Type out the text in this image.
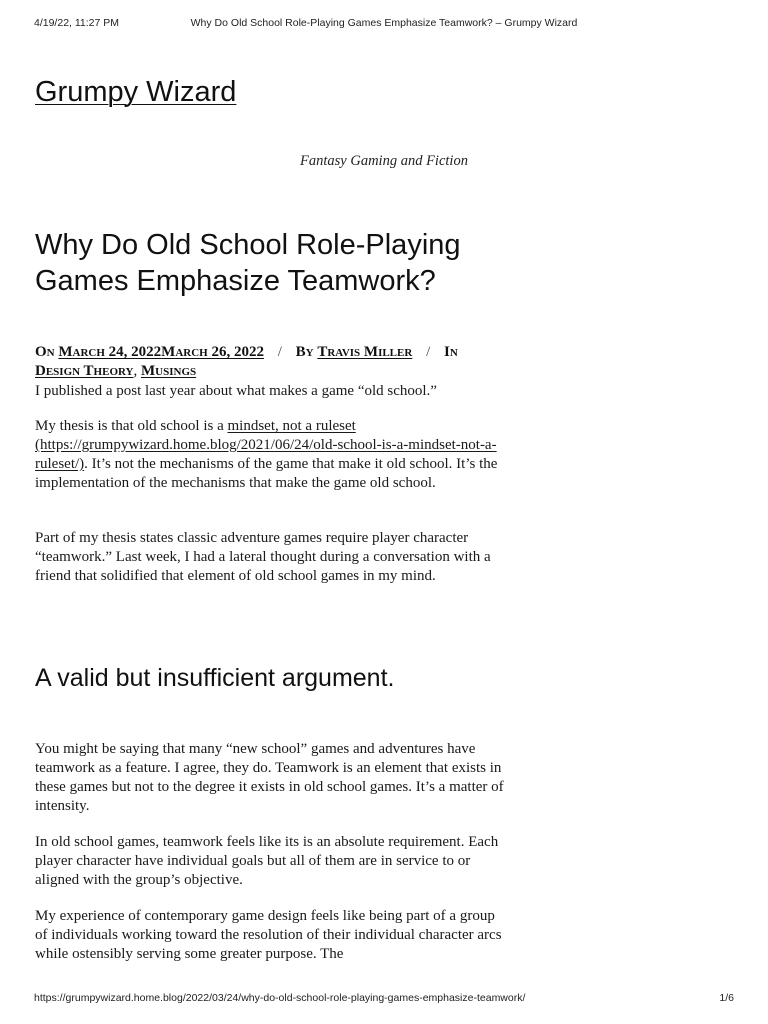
Why Do Old School Role-Playing Games Emphasize Teamwork? – Grumpy Wizard
4/19/22, 11:27 PM
Grumpy Wizard
Fantasy Gaming and Fiction
Why Do Old School Role-Playing Games Emphasize Teamwork?
On March 24, 2022March 26, 2022 / By Travis Miller / In Design Theory, Musings

I published a post last year about what makes a game “old school.”

My thesis is that old school is a mindset, not a ruleset (https://grumpywizard.home.blog/2021/06/24/old-school-is-a-mindset-not-a-ruleset/). It’s not the mechanisms of the game that make it old school. It’s the implementation of the mechanisms that make the game old school.

Part of my thesis states classic adventure games require player character “teamwork.” Last week, I had a lateral thought during a conversation with a friend that solidified that element of old school games in my mind.

A valid but insufficient argument.

You might be saying that many “new school” games and adventures have teamwork as a feature. I agree, they do. Teamwork is an element that exists in these games but not to the degree it exists in old school games. It’s a matter of intensity.

In old school games, teamwork feels like its is an absolute requirement. Each player character have individual goals but all of them are in service to or aligned with the group’s objective.

My experience of contemporary game design feels like being part of a group of individuals working toward the resolution of their individual character arcs while ostensibly serving some greater purpose. The

https://grumpywizard.home.blog/2022/03/24/why-do-old-school-role-playing-games-emphasize-teamwork/	1/6
